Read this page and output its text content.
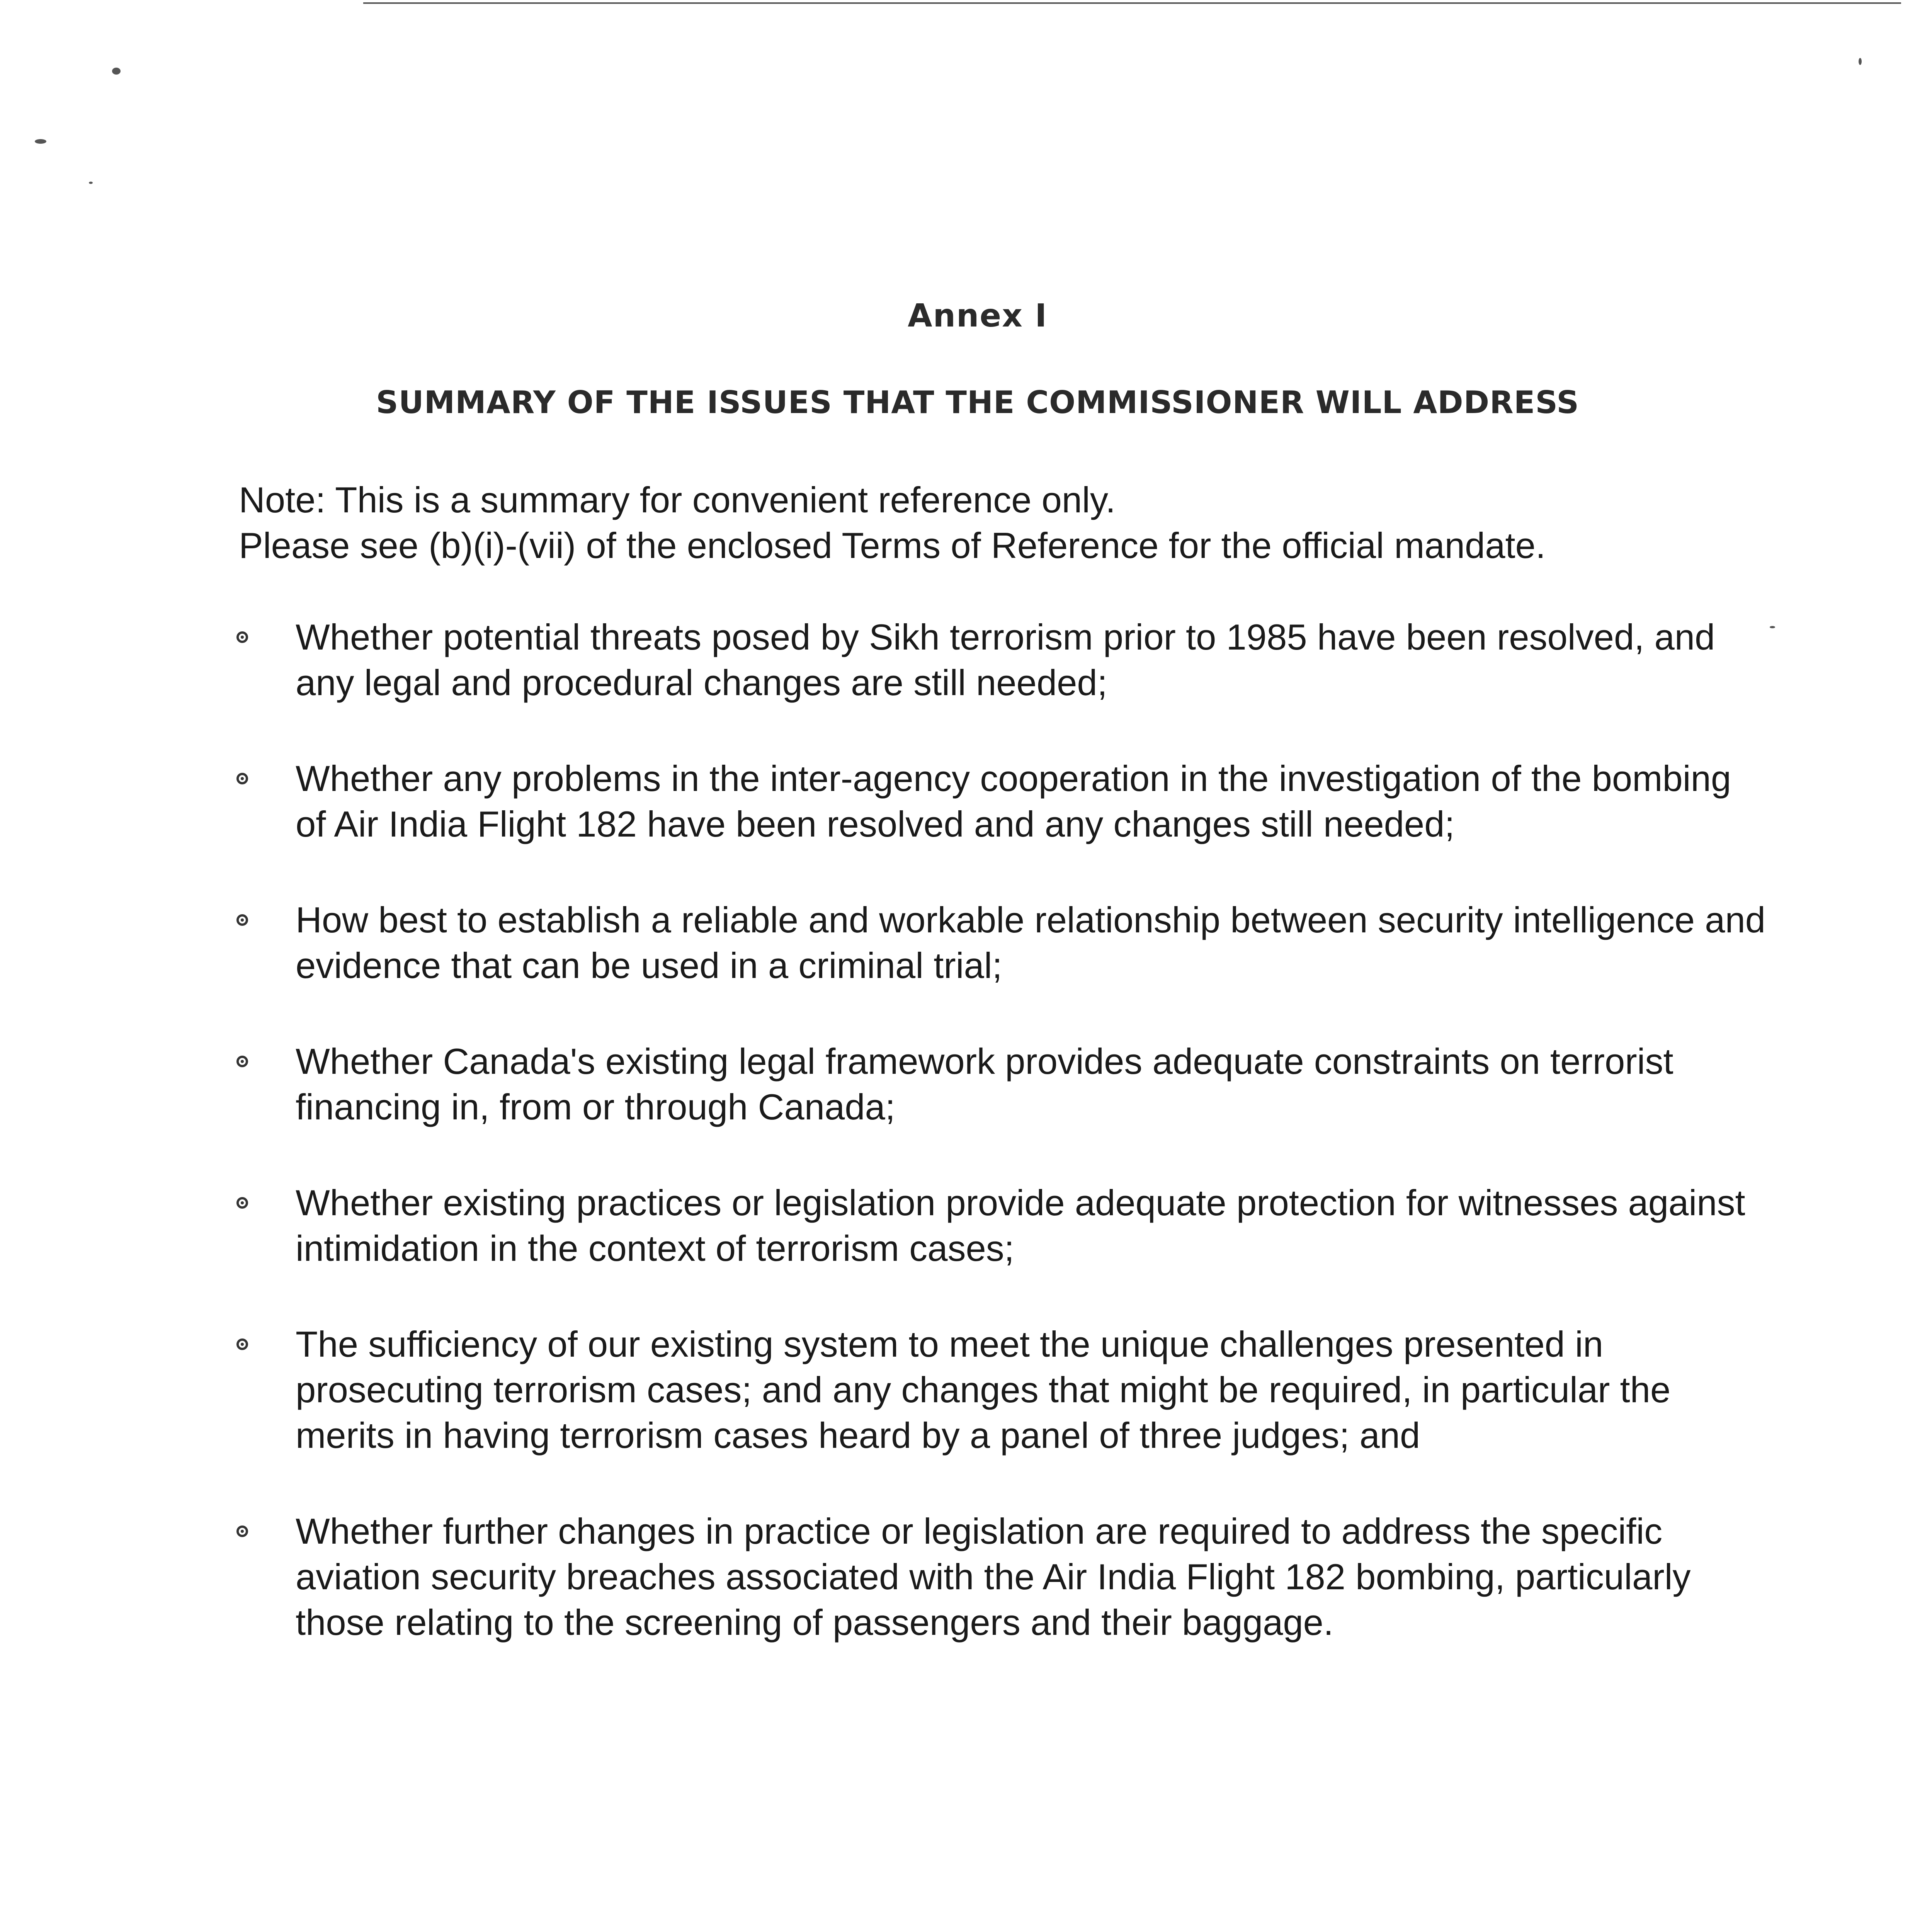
Annex I
SUMMARY OF THE ISSUES THAT THE COMMISSIONER WILL ADDRESS
Note: This is a summary for convenient reference only.
Please see (b)(i)-(vii) of the enclosed Terms of Reference for the official mandate.
Whether potential threats posed by Sikh terrorism prior to 1985 have been resolved, and any legal and procedural changes are still needed;
Whether any problems in the inter-agency cooperation in the investigation of the bombing of Air India Flight 182 have been resolved and any changes still needed;
How best to establish a reliable and workable relationship between security intelligence and evidence that can be used in a criminal trial;
Whether Canada's existing legal framework provides adequate constraints on terrorist financing in, from or through Canada;
Whether existing practices or legislation provide adequate protection for witnesses against intimidation in the context of terrorism cases;
The sufficiency of our existing system to meet the unique challenges presented in prosecuting terrorism cases; and any changes that might be required, in particular the merits in having terrorism cases heard by a panel of three judges; and
Whether further changes in practice or legislation are required to address the specific aviation security breaches associated with the Air India Flight 182 bombing, particularly those relating to the screening of passengers and their baggage.
